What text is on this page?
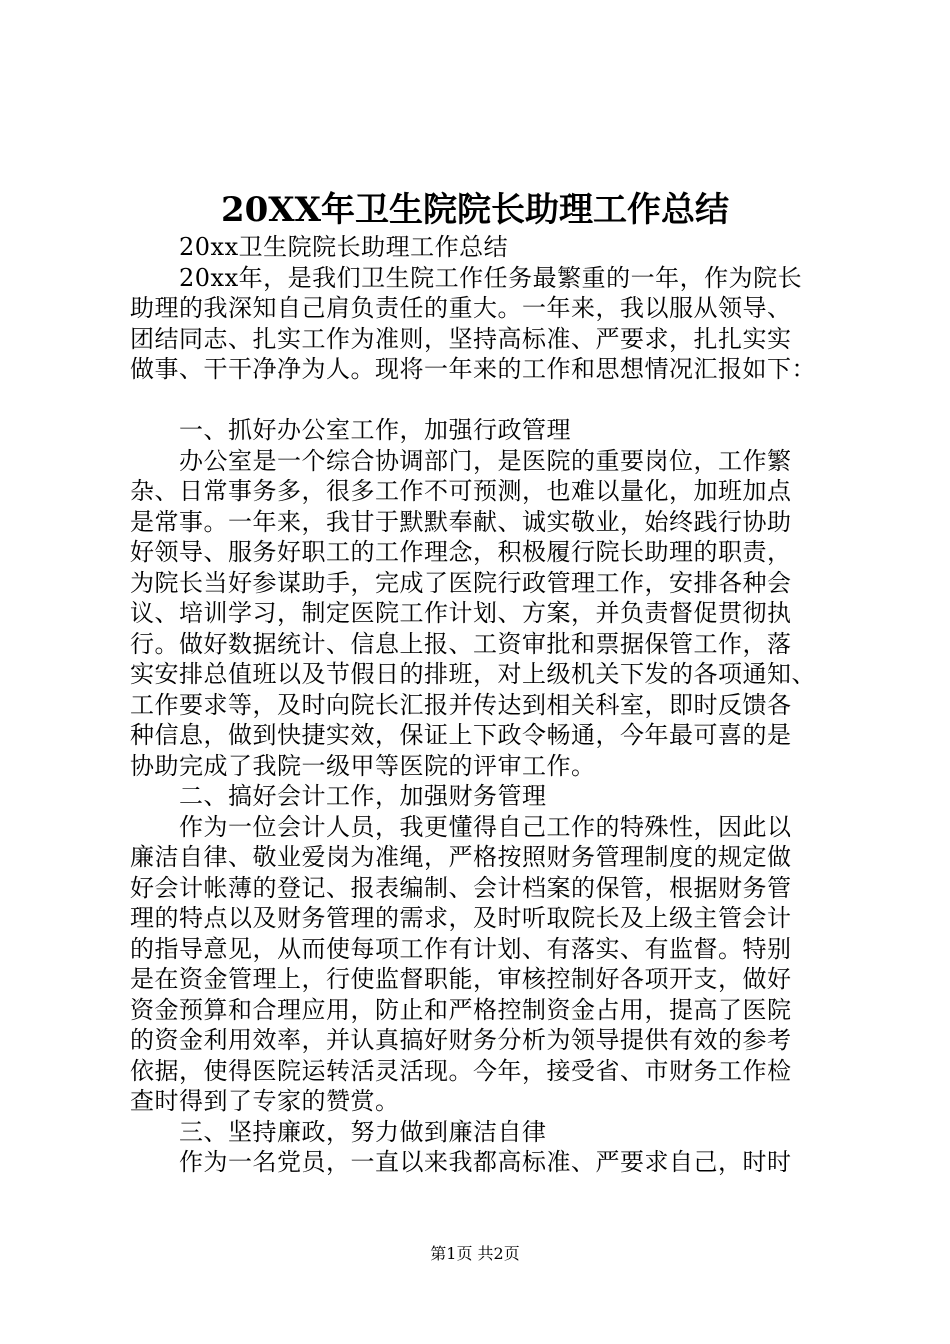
20XX年卫生院院长助理工作总结
20xx卫生院院长助理工作总结
20xx年，是我们卫生院工作任务最繁重的一年，作为院长
助理的我深知自己肩负责任的重大。一年来，我以服从领导、
团结同志、扎实工作为准则，坚持高标准、严要求，扎扎实实
做事、干干净净为人。现将一年来的工作和思想情况汇报如下：
一、抓好办公室工作，加强行政管理
办公室是一个综合协调部门，是医院的重要岗位，工作繁
杂、日常事务多，很多工作不可预测，也难以量化，加班加点
是常事。一年来，我甘于默默奉献、诚实敬业，始终践行协助
好领导、服务好职工的工作理念，积极履行院长助理的职责，
为院长当好参谋助手，完成了医院行政管理工作，安排各种会
议、培训学习，制定医院工作计划、方案，并负责督促贯彻执
行。做好数据统计、信息上报、工资审批和票据保管工作，落
实安排总值班以及节假日的排班，对上级机关下发的各项通知、
工作要求等，及时向院长汇报并传达到相关科室，即时反馈各
种信息，做到快捷实效，保证上下政令畅通，今年最可喜的是
协助完成了我院一级甲等医院的评审工作。
二、搞好会计工作，加强财务管理
作为一位会计人员，我更懂得自己工作的特殊性，因此以
廉洁自律、敬业爱岗为准绳，严格按照财务管理制度的规定做
好会计帐薄的登记、报表编制、会计档案的保管，根据财务管
理的特点以及财务管理的需求，及时听取院长及上级主管会计
的指导意见，从而使每项工作有计划、有落实、有监督。特别
是在资金管理上，行使监督职能，审核控制好各项开支，做好
资金预算和合理应用，防止和严格控制资金占用，提高了医院
的资金利用效率，并认真搞好财务分析为领导提供有效的参考
依据，使得医院运转活灵活现。今年，接受省、市财务工作检
查时得到了专家的赞赏。
三、坚持廉政，努力做到廉洁自律
作为一名党员，一直以来我都高标准、严要求自己，时时
第1页 共2页
